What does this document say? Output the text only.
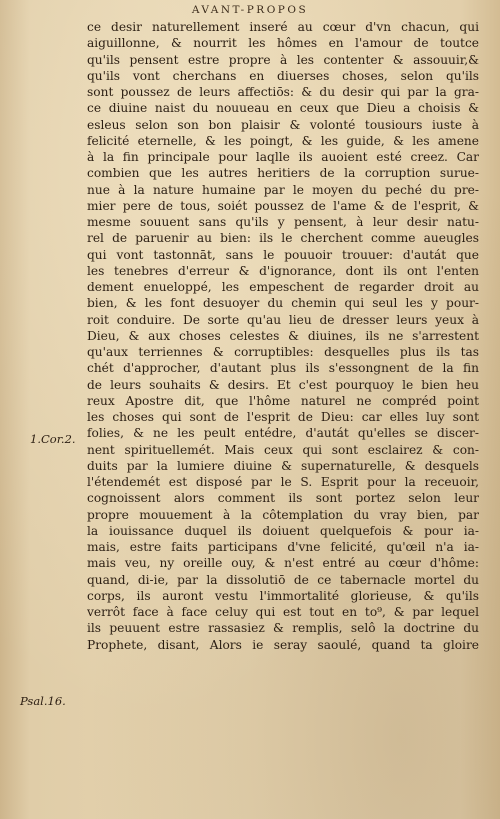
AVANT-PROPOS
ce desir naturellement inseré au cœur d'vn chacun, qui
aiguillonne, & nourrit les hômes en l'amour de toutce
qu'ils pensent estre propre à les contenter & assouuir,&
qu'ils vont cherchans en diuerses choses, selon qu'ils
sont poussez de leurs affectiōs: & du desir qui par la gra-
ce diuine naist du nouueau en ceux que Dieu a choisis &
esleus selon son bon plaisir & volonté tousiours iuste à
felicité eternelle, & les poingt, & les guide, & les amene
à la fin principale pour laqlle ils auoient esté creez. Car
combien que les autres heritiers de la corruption surue-
nue à la nature humaine par le moyen du peché du pre-
mier pere de tous, soiét poussez de l'ame & de l'esprit, &
mesme souuent sans qu'ils y pensent, à leur desir natu-
rel de paruenir au bien: ils le cherchent comme aueugles
qui vont tastonnāt, sans le pouuoir trouuer: d'autát que
les tenebres d'erreur & d'ignorance, dont ils ont l'enten
dement enueloppé, les empeschent de regarder droit au
bien, & les font desuoyer du chemin qui seul les y pour-
roit conduire. De sorte qu'au lieu de dresser leurs yeux à
Dieu, & aux choses celestes & diuines, ils ne s'arrestent
qu'aux terriennes & corruptibles: desquelles plus ils tas
chét d'approcher, d'autant plus ils s'essongnent de la fin
de leurs souhaits & desirs. Et c'est pourquoy le bien heu
reux Apostre dit, que l'hôme naturel ne compréd point
les choses qui sont de l'esprit de Dieu: car elles luy sont
folies, & ne les peult entédre, d'autát qu'elles se discer-
nent spirituellemét. Mais ceux qui sont esclairez & con-
duits par la lumiere diuine & supernaturelle, & desquels
l'étendemét est disposé par le S. Esprit pour la receuoir,
cognoissent alors comment ils sont portez selon leur
propre mouuement à la côtemplation du vray bien, par
la iouissance duquel ils doiuent quelquefois & pour ia-
mais, estre faits participans d'vne felicité, qu'œil n'a ia-
mais veu, ny oreille ouy, & n'est entré au cœur d'hôme:
quand, di-ie, par la dissolutiō de ce tabernacle mortel du
corps, ils auront vestu l'immortalité glorieuse, & qu'ils
verrôt face à face celuy qui est tout en to⁹, & par lequel
ils peuuent estre rassasiez & remplis, selô la doctrine du
Prophete, disant, Alors ie seray saoulé, quand ta gloire
1.Cor.2.
Psal.16.
